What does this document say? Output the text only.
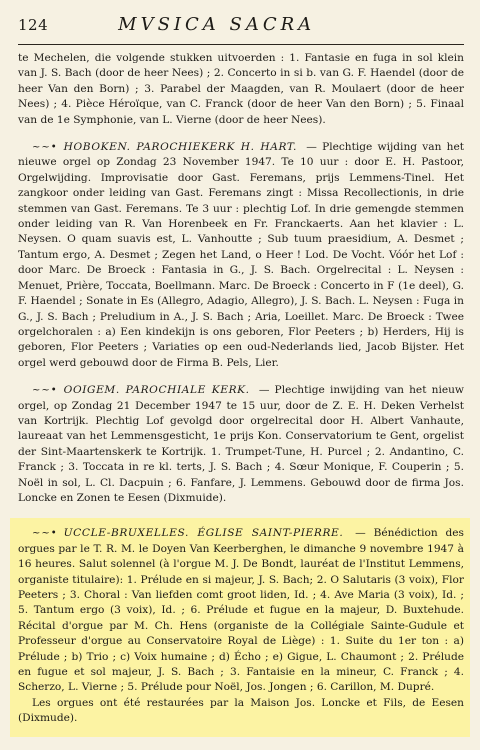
124	MVSICA SACRA

te Mechelen, die volgende stukken uitvoerden : 1. Fantasie en fuga in sol klein van J. S. Bach (door de heer Nees) ; 2. Concerto in si b. van G. F. Haendel (door de heer Van den Born) ; 3. Parabel der Maagden, van R. Moulaert (door de heer Nees) ; 4. Pièce Héroïque, van C. Franck (door de heer Van den Born) ; 5. Finaal van de 1e Symphonie, van L. Vierne (door de heer Nees).

~~• HOBOKEN. PAROCHIEKERK H. HART. — Plechtige wijding van het nieuwe orgel op Zondag 23 November 1947. Te 10 uur : door E. H. Pastoor, Orgelwijding. Improvisatie door Gast. Feremans, prijs Lemmens-Tinel. Het zangkoor onder leiding van Gast. Feremans zingt : Missa Recollectionis, in drie stemmen van Gast. Feremans. Te 3 uur : plechtig Lof. In drie gemengde stemmen onder leiding van R. Van Horenbeek en Fr. Franckaerts. Aan het klavier : L. Neysen. O quam suavis est, L. Vanhoutte ; Sub tuum praesidium, A. Desmet ; Tantum ergo, A. Desmet ; Zegen het Land, o Heer ! Lod. De Vocht. Vóór het Lof : door Marc. De Broeck : Fantasia in G., J. S. Bach. Orgelrecital : L. Neysen : Menuet, Prière, Toccata, Boellmann. Marc. De Broeck : Concerto in F (1e deel), G. F. Haendel ; Sonate in Es (Allegro, Adagio, Allegro), J. S. Bach. L. Neysen : Fuga in G., J. S. Bach ; Preludium in A., J. S. Bach ; Aria, Loeillet. Marc. De Broeck : Twee orgelchoralen : a) Een kindekijn is ons geboren, Flor Peeters ; b) Herders, Hij is geboren, Flor Peeters ; Variaties op een oud-Nederlands lied, Jacob Bijster. Het orgel werd gebouwd door de Firma B. Pels, Lier.

~~• OOIGEM. PAROCHIALE KERK. — Plechtige inwijding van het nieuw orgel, op Zondag 21 December 1947 te 15 uur, door de Z. E. H. Deken Verhelst van Kortrijk. Plechtig Lof gevolgd door orgelrecital door H. Albert Vanhaute, laureaat van het Lemmensgesticht, 1e prijs Kon. Conservatorium te Gent, orgelist der Sint-Maartenskerk te Kortrijk. 1. Trumpet-Tune, H. Purcel ; 2. Andantino, C. Franck ; 3. Toccata in re kl. terts, J. S. Bach ; 4. Sœur Monique, F. Couperin ; 5. Noël in sol, L. Cl. Dacpuin ; 6. Fanfare, J. Lemmens. Gebouwd door de firma Jos. Loncke en Zonen te Eesen (Dixmuide).

~~• UCCLE-BRUXELLES. ÉGLISE SAINT-PIERRE. — Bénédiction des orgues par le T. R. M. le Doyen Van Keerberghen, le dimanche 9 novembre 1947 à 16 heures. Salut solennel (à l'orgue M. J. De Bondt, lauréat de l'Institut Lemmens, organiste titulaire): 1. Prélude en si majeur, J. S. Bach; 2. O Salutaris (3 voix), Flor Peeters ; 3. Choral : Van liefden comt groot liden, Id. ; 4. Ave Maria (3 voix), Id. ; 5. Tantum ergo (3 voix), Id. ; 6. Prélude et fugue en la majeur, D. Buxtehude. Récital d'orgue par M. Ch. Hens (organiste de la Collégiale Sainte-Gudule et Professeur d'orgue au Conservatoire Royal de Liège) : 1. Suite du 1er ton : a) Prélude ; b) Trio ; c) Voix humaine ; d) Écho ; e) Gigue, L. Chaumont ; 2. Prélude en fugue et sol majeur, J. S. Bach ; 3. Fantaisie en la mineur, C. Franck ; 4. Scherzo, L. Vierne ; 5. Prélude pour Noël, Jos. Jongen ; 6. Carillon, M. Dupré.

Les orgues ont été restaurées par la Maison Jos. Loncke et Fils, de Eesen (Dixmude).
